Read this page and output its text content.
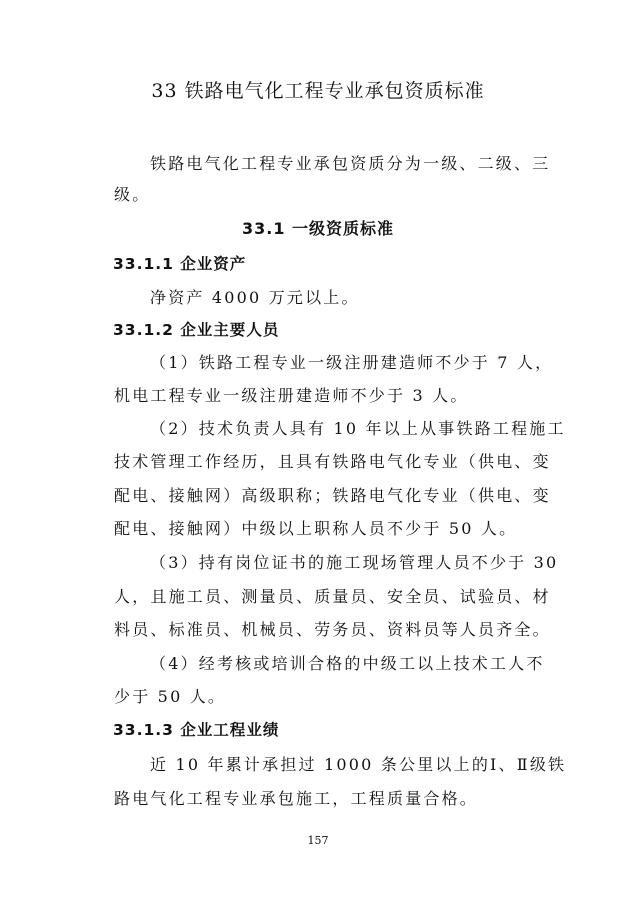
33 铁路电气化工程专业承包资质标准
铁路电气化工程专业承包资质分为一级、二级、三
级。
33.1 一级资质标准
33.1.1 企业资产
净资产 4000 万元以上。
33.1.2 企业主要人员
（1）铁路工程专业一级注册建造师不少于 7 人，
机电工程专业一级注册建造师不少于 3 人。
（2）技术负责人具有 10 年以上从事铁路工程施工
技术管理工作经历，且具有铁路电气化专业（供电、变
配电、接触网）高级职称；铁路电气化专业（供电、变
配电、接触网）中级以上职称人员不少于 50 人。
（3）持有岗位证书的施工现场管理人员不少于 30
人，且施工员、测量员、质量员、安全员、试验员、材
料员、标准员、机械员、劳务员、资料员等人员齐全。
（4）经考核或培训合格的中级工以上技术工人不
少于 50 人。
33.1.3 企业工程业绩
近 10 年累计承担过 1000 条公里以上的Ⅰ、Ⅱ级铁
路电气化工程专业承包施工，工程质量合格。
157
